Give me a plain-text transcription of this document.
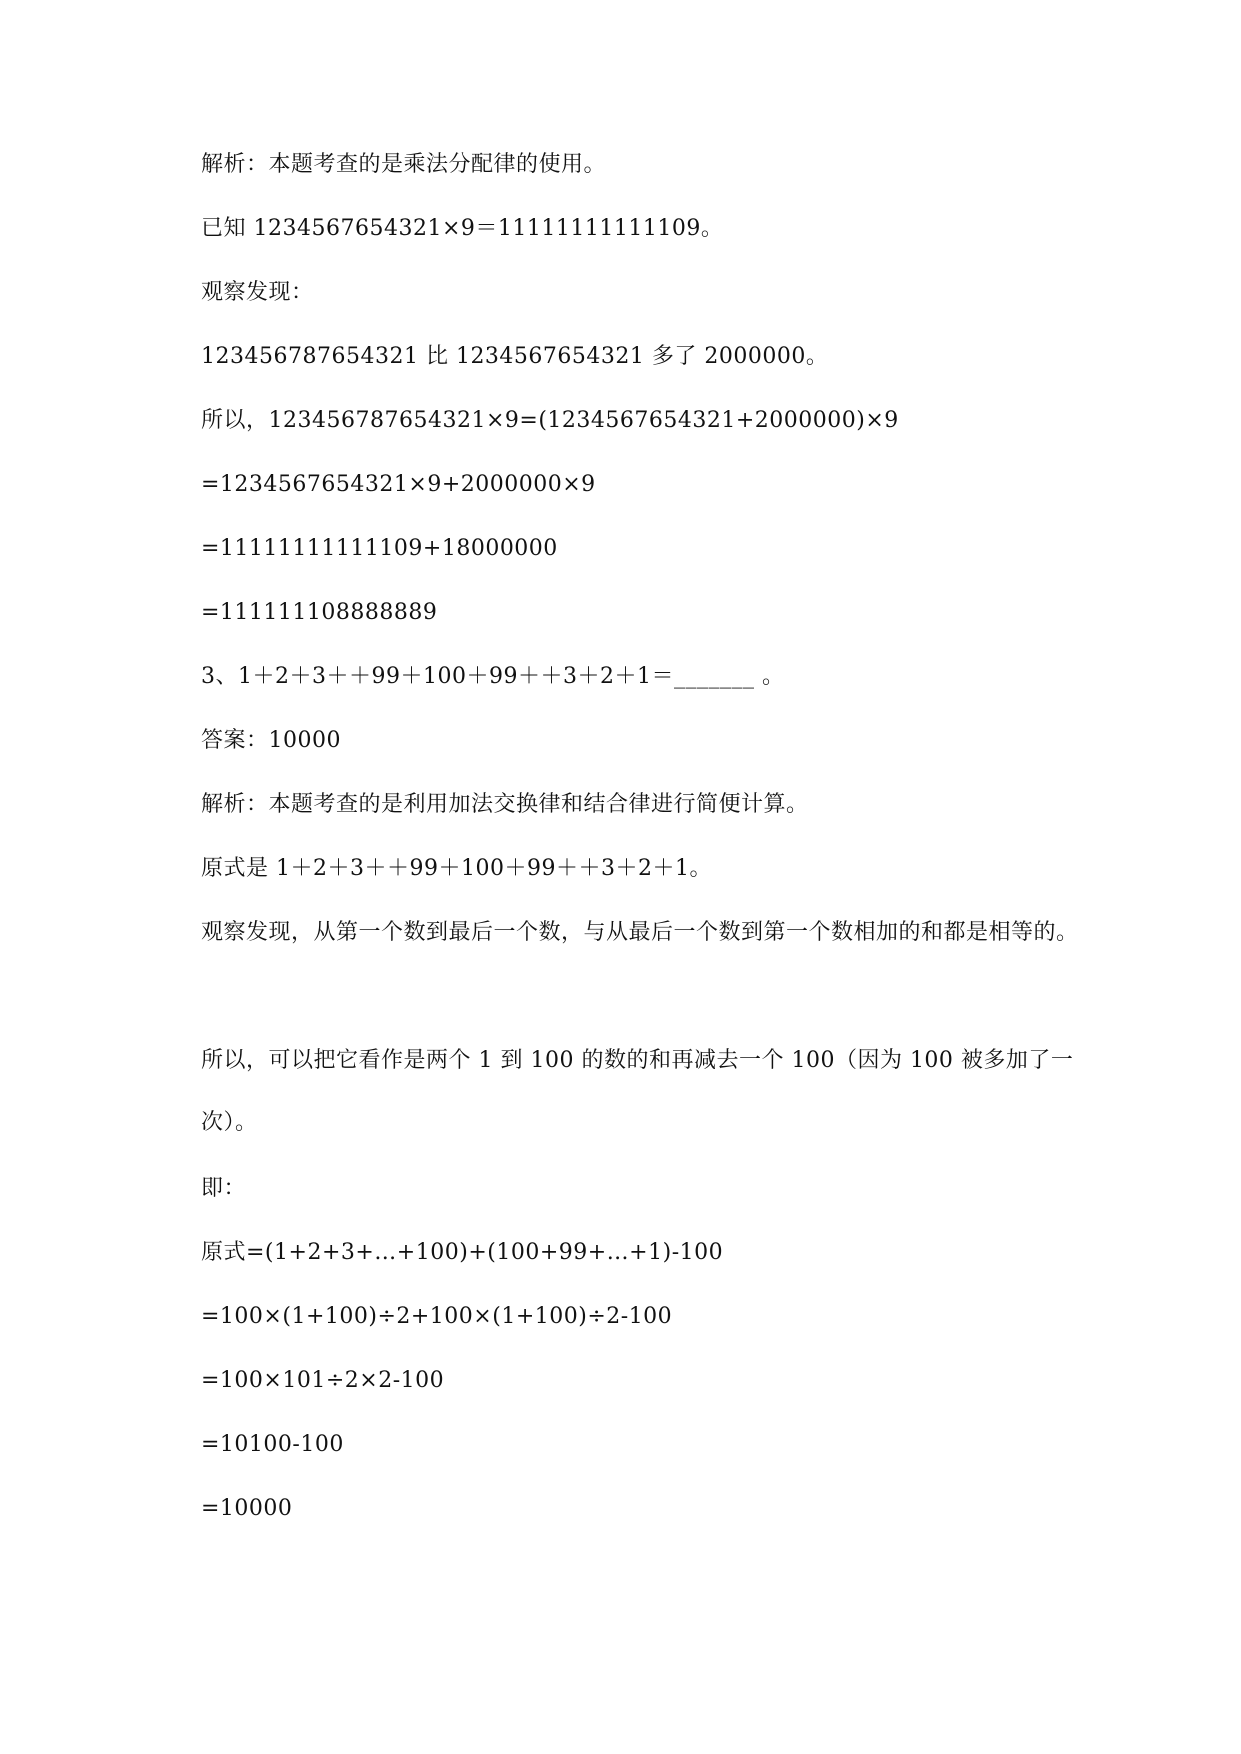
解析：本题考查的是乘法分配律的使用。
已知 1234567654321×9＝11111111111109。
观察发现：
123456787654321 比 1234567654321 多了 2000000。
所以，123456787654321×9=(1234567654321+2000000)×9
=1234567654321×9+2000000×9
=11111111111109+18000000
=111111108888889
3、1＋2＋3＋＋99＋100＋99＋＋3＋2＋1＝_______ 。
答案：10000
解析：本题考查的是利用加法交换律和结合律进行简便计算。
原式是 1＋2＋3＋＋99＋100＋99＋＋3＋2＋1。
观察发现，从第一个数到最后一个数，与从最后一个数到第一个数相加的和都是相等的。
所以，可以把它看作是两个 1 到 100 的数的和再减去一个 100（因为 100 被多加了一次）。
即：
原式=(1+2+3+…+100)+(100+99+…+1)-100
=100×(1+100)÷2+100×(1+100)÷2-100
=100×101÷2×2-100
=10100-100
=10000
